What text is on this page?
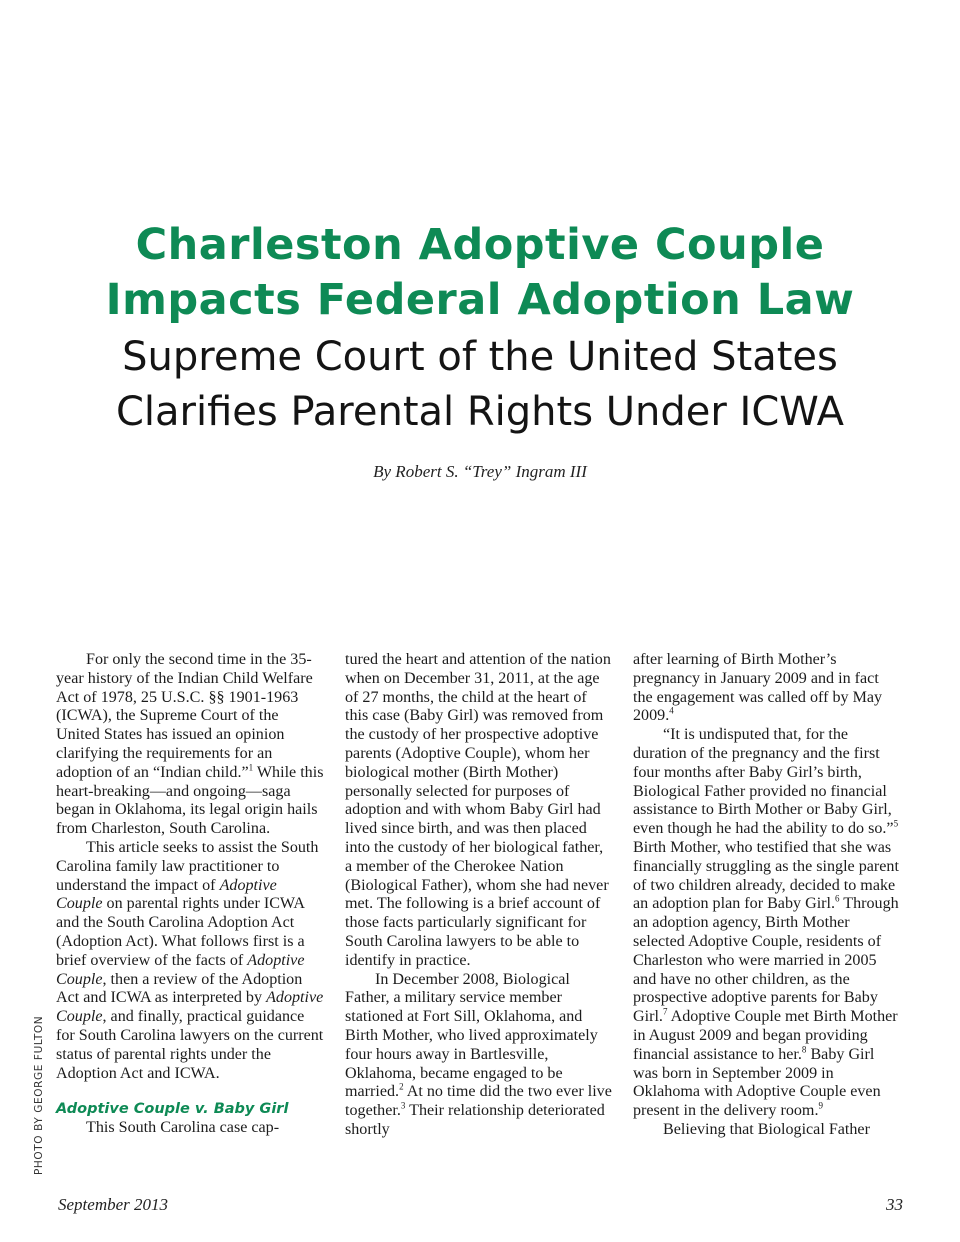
Charleston Adoptive Couple
Impacts Federal Adoption Law
Supreme Court of the United States
Clarifies Parental Rights Under ICWA
By Robert S. “Trey” Ingram III
PHOTO BY GEORGE FULTON

For only the second time in the 35-year history of the Indian Child Welfare Act of 1978, 25 U.S.C. §§ 1901-1963 (ICWA), the Supreme Court of the United States has issued an opinion clarifying the requirements for an adoption of an “Indian child.”$^1$ While this heart-breaking—and ongoing—saga began in Oklahoma, its legal origin hails from Charleston, South Carolina.

This article seeks to assist the South Carolina family law practitioner to understand the impact of Adoptive Couple on parental rights under ICWA and the South Carolina Adoption Act (Adoption Act). What follows first is a brief overview of the facts of Adoptive Couple, then a review of the Adoption Act and ICWA as interpreted by Adoptive Couple, and finally, practical guidance for South Carolina lawyers on the current status of parental rights under the Adoption Act and ICWA.

Adoptive Couple v. Baby Girl

This South Carolina case cap-

tured the heart and attention of the nation when on December 31, 2011, at the age of 27 months, the child at the heart of this case (Baby Girl) was removed from the custody of her prospective adoptive parents (Adoptive Couple), whom her biological mother (Birth Mother) personally selected for purposes of adoption and with whom Baby Girl had lived since birth, and was then placed into the custody of her biological father, a member of the Cherokee Nation (Biological Father), whom she had never met. The following is a brief account of those facts particularly significant for South Carolina lawyers to be able to identify in practice.

In December 2008, Biological Father, a military service member stationed at Fort Sill, Oklahoma, and Birth Mother, who lived approximately four hours away in Bartlesville, Oklahoma, became engaged to be married.$^2$ At no time did the two ever live together.$^3$ Their relationship deteriorated shortly

after learning of Birth Mother’s pregnancy in January 2009 and in fact the engagement was called off by May 2009.$^4$

“It is undisputed that, for the duration of the pregnancy and the first four months after Baby Girl’s birth, Biological Father provided no financial assistance to Birth Mother or Baby Girl, even though he had the ability to do so.”$^5$ Birth Mother, who testified that she was financially struggling as the single parent of two children already, decided to make an adoption plan for Baby Girl.$^6$ Through an adoption agency, Birth Mother selected Adoptive Couple, residents of Charleston who were married in 2005 and have no other children, as the prospective adoptive parents for Baby Girl.$^7$ Adoptive Couple met Birth Mother in August 2009 and began providing financial assistance to her.$^8$ Baby Girl was born in September 2009 in Oklahoma with Adoptive Couple even present in the delivery room.$^9$

Believing that Biological Father

September 2013	33
